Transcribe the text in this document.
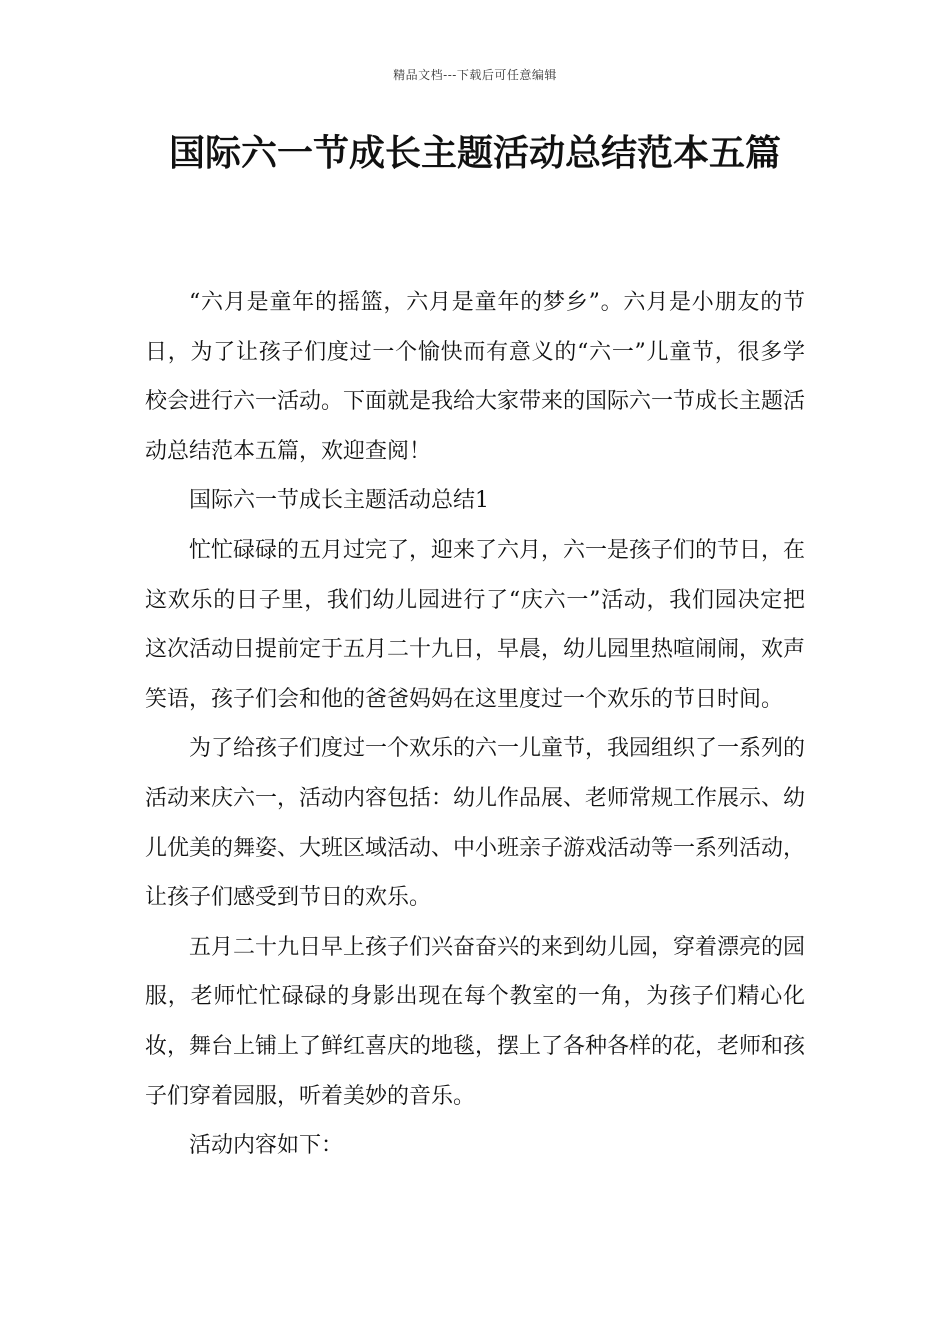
精品文档---下载后可任意编辑
国际六一节成长主题活动总结范本五篇

“六月是童年的摇篮，六月是童年的梦乡”。六月是小朋友的节日，为了让孩子们度过一个愉快而有意义的“六一”儿童节，很多学校会进行六一活动。下面就是我给大家带来的国际六一节成长主题活动总结范本五篇，欢迎查阅！

国际六一节成长主题活动总结1

忙忙碌碌的五月过完了，迎来了六月，六一是孩子们的节日，在这欢乐的日子里，我们幼儿园进行了“庆六一”活动，我们园决定把这次活动日提前定于五月二十九日，早晨，幼儿园里热喧闹闹，欢声笑语，孩子们会和他的爸爸妈妈在这里度过一个欢乐的节日时间。

为了给孩子们度过一个欢乐的六一儿童节，我园组织了一系列的活动来庆六一，活动内容包括：幼儿作品展、老师常规工作展示、幼儿优美的舞姿、大班区域活动、中小班亲子游戏活动等一系列活动，让孩子们感受到节日的欢乐。

五月二十九日早上孩子们兴奋奋兴的来到幼儿园，穿着漂亮的园服，老师忙忙碌碌的身影出现在每个教室的一角，为孩子们精心化妆，舞台上铺上了鲜红喜庆的地毯，摆上了各种各样的花，老师和孩子们穿着园服，听着美妙的音乐。

活动内容如下：
